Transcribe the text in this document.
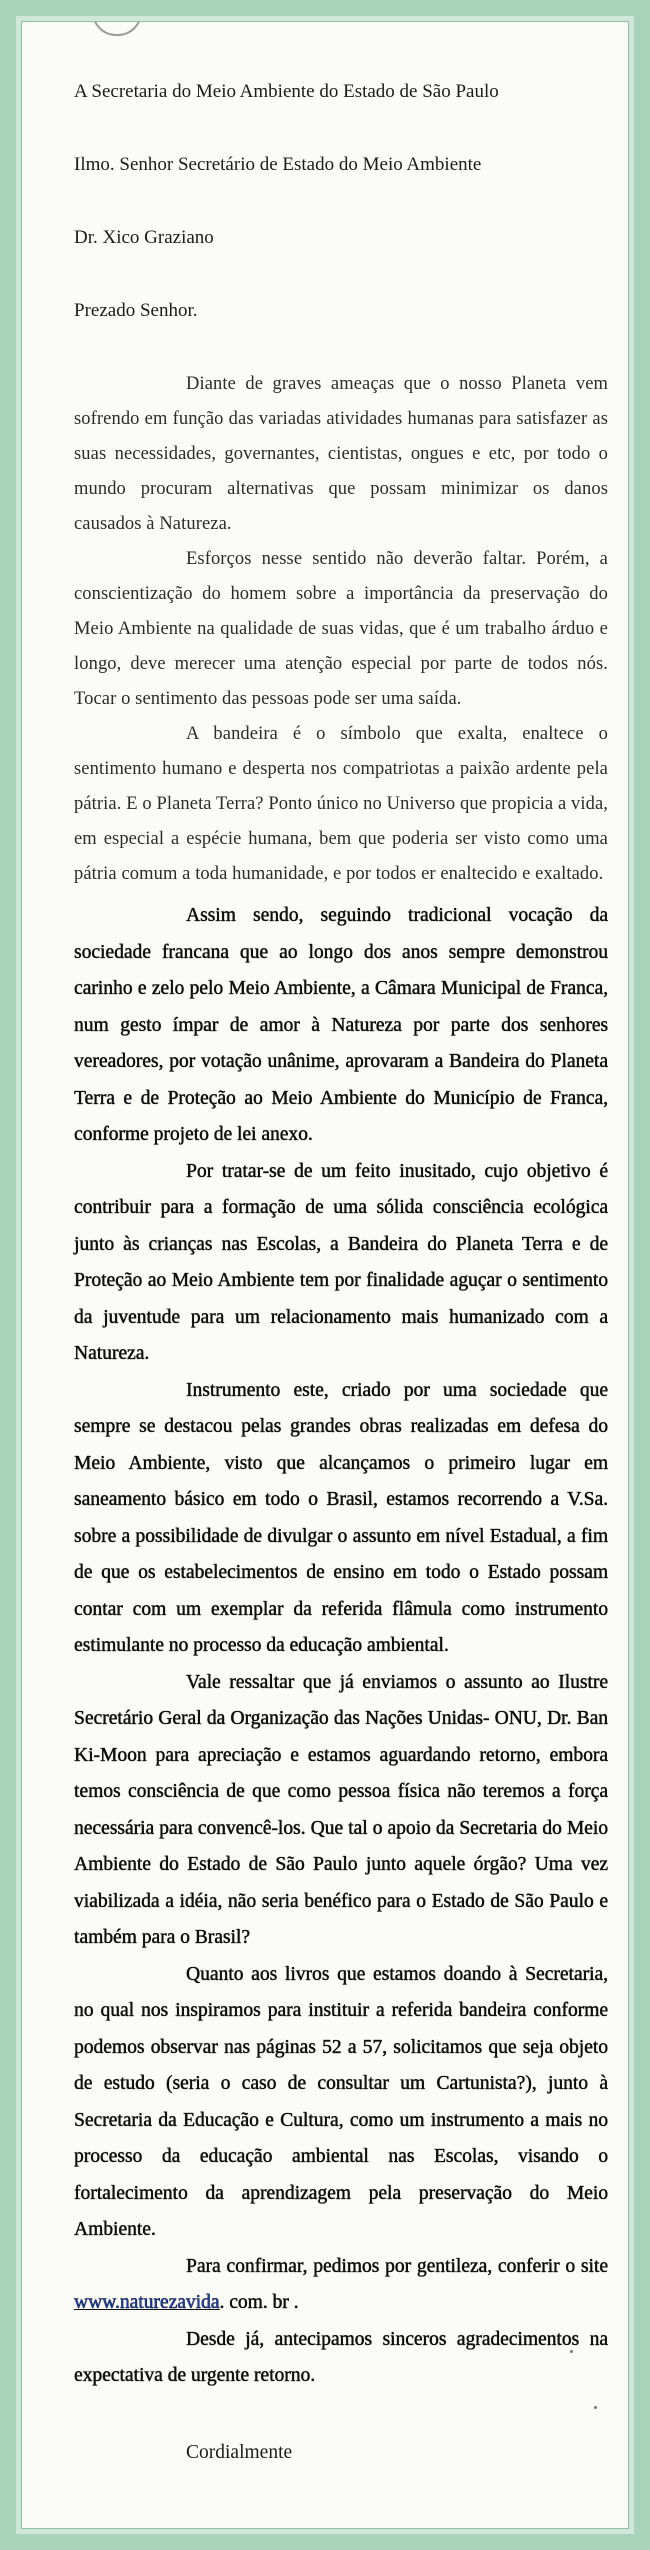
A Secretaria do Meio Ambiente do Estado de São Paulo
Ilmo. Senhor Secretário de Estado do Meio Ambiente
Dr. Xico Graziano
Prezado Senhor.

Diante de graves ameaças que o nosso Planeta vem sofrendo em função das variadas atividades humanas para satisfazer as suas necessidades, governantes, cientistas, ongues e etc, por todo o mundo procuram alternativas que possam minimizar os danos causados à Natureza.

Esforços nesse sentido não deverão faltar. Porém, a conscientização do homem sobre a importância da preservação do Meio Ambiente na qualidade de suas vidas, que é um trabalho árduo e longo, deve merecer uma atenção especial por parte de todos nós. Tocar o sentimento das pessoas pode ser uma saída.

A bandeira é o símbolo que exalta, enaltece o sentimento humano e desperta nos compatriotas a paixão ardente pela pátria. E o Planeta Terra? Ponto único no Universo que propicia a vida, em especial a espécie humana, bem que poderia ser visto como uma pátria comum a toda humanidade, e por todos er enaltecido e exaltado.

Assim sendo, seguindo tradicional vocação da sociedade francana que ao longo dos anos sempre demonstrou carinho e zelo pelo Meio Ambiente, a Câmara Municipal de Franca, num gesto ímpar de amor à Natureza por parte dos senhores vereadores, por votação unânime, aprovaram a Bandeira do Planeta Terra e de Proteção ao Meio Ambiente do Município de Franca, conforme projeto de lei anexo.

Por tratar-se de um feito inusitado, cujo objetivo é contribuir para a formação de uma sólida consciência ecológica junto às crianças nas Escolas, a Bandeira do Planeta Terra e de Proteção ao Meio Ambiente tem por finalidade aguçar o sentimento da juventude para um relacionamento mais humanizado com a Natureza.

Instrumento este, criado por uma sociedade que sempre se destacou pelas grandes obras realizadas em defesa do Meio Ambiente, visto que alcançamos o primeiro lugar em saneamento básico em todo o Brasil, estamos recorrendo a V.Sa. sobre a possibilidade de divulgar o assunto em nível Estadual, a fim de que os estabelecimentos de ensino em todo o Estado possam contar com um exemplar da referida flâmula como instrumento estimulante no processo da educação ambiental.

Vale ressaltar que já enviamos o assunto ao Ilustre Secretário Geral da Organização das Nações Unidas- ONU, Dr. Ban Ki-Moon para apreciação e estamos aguardando retorno, embora temos consciência de que como pessoa física não teremos a força necessária para convencê-los. Que tal o apoio da Secretaria do Meio Ambiente do Estado de São Paulo junto aquele órgão? Uma vez viabilizada a idéia, não seria benéfico para o Estado de São Paulo e também para o Brasil?

Quanto aos livros que estamos doando à Secretaria, no qual nos inspiramos para instituir a referida bandeira conforme podemos observar nas páginas 52 a 57, solicitamos que seja objeto de estudo (seria o caso de consultar um Cartunista?), junto à Secretaria da Educação e Cultura, como um instrumento a mais no processo da educação ambiental nas Escolas, visando o fortalecimento da aprendizagem pela preservação do Meio Ambiente.

Para confirmar, pedimos por gentileza, conferir o site www.naturezavida. com. br .

Desde já, antecipamos sinceros agradecimentos na expectativa de urgente retorno.

Cordialmente
